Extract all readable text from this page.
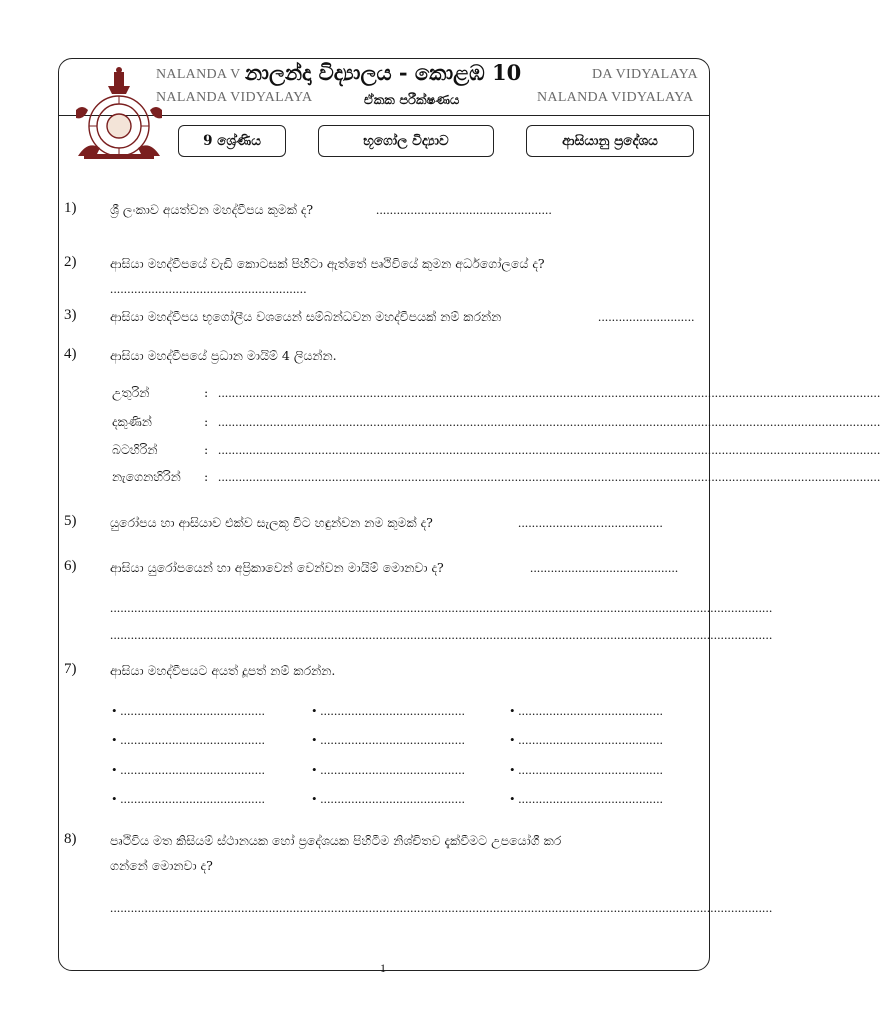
NALANDA V
NALANDA VIDYALAYA
DA VIDYALAYA
NALANDA VIDYALAYA
නාලන්දා විද්‍යාලය - කොළඹ 10
ඒකක පරීක්ෂණය
9 ශ්‍රේණිය	භූගෝල විද්‍යාව	ආසියානු ප්‍රදේශය
1)	ශ්‍රී ලංකාව අයත්වන මහද්වීපය කුමක් ද?	...................................................
2)	ආසියා මහද්වීපයේ වැඩි කොටසක් පිහිටා ඇත්තේ පෘථිවියේ කුමන අර්ධගෝලයේ ද?
.........................................................
3)	ආසියා මහද්වීපය භූගෝලීය වශයෙන් සම්බන්ධවන මහද්වීපයක් නම් කරන්න	............................
4)	ආසියා මහද්වීපයේ ප්‍රධාන මායිම් 4 ලියන්න.
උතුරින්	: ................................................................................................................................................................................................
දකුණින්	: ................................................................................................................................................................................................
බටහිරින්	: ................................................................................................................................................................................................
නැගෙනහිරින් : ................................................................................................................................................................................................
5)	යුරෝපය හා ආසියාව එක්ව සැලකූ විට හඳුන්වන නම කුමක් ද?	..........................................
6)	ආසියා යුරෝපයෙන් හා අප්‍රිකාවෙන් වෙන්වන මායිම් මොනවා ද?	...........................................
................................................................................................................................................................................................
................................................................................................................................................................................................
7)	ආසියා මහද්වීපයට අයත් දූපත් නම් කරන්න.
• ..........................................	• ..........................................	• ..........................................
• ..........................................	• ..........................................	• ..........................................
• ..........................................	• ..........................................	• ..........................................
• ..........................................	• ..........................................	• ..........................................
8)	පෘථිවිය මත කිසියම් ස්ථානයක හෝ ප්‍රදේශයක පිහිටීම නිශ්චිතව දැක්වීමට උපයෝගී කර
ගන්නේ මොනවා ද?
................................................................................................................................................................................................
1
